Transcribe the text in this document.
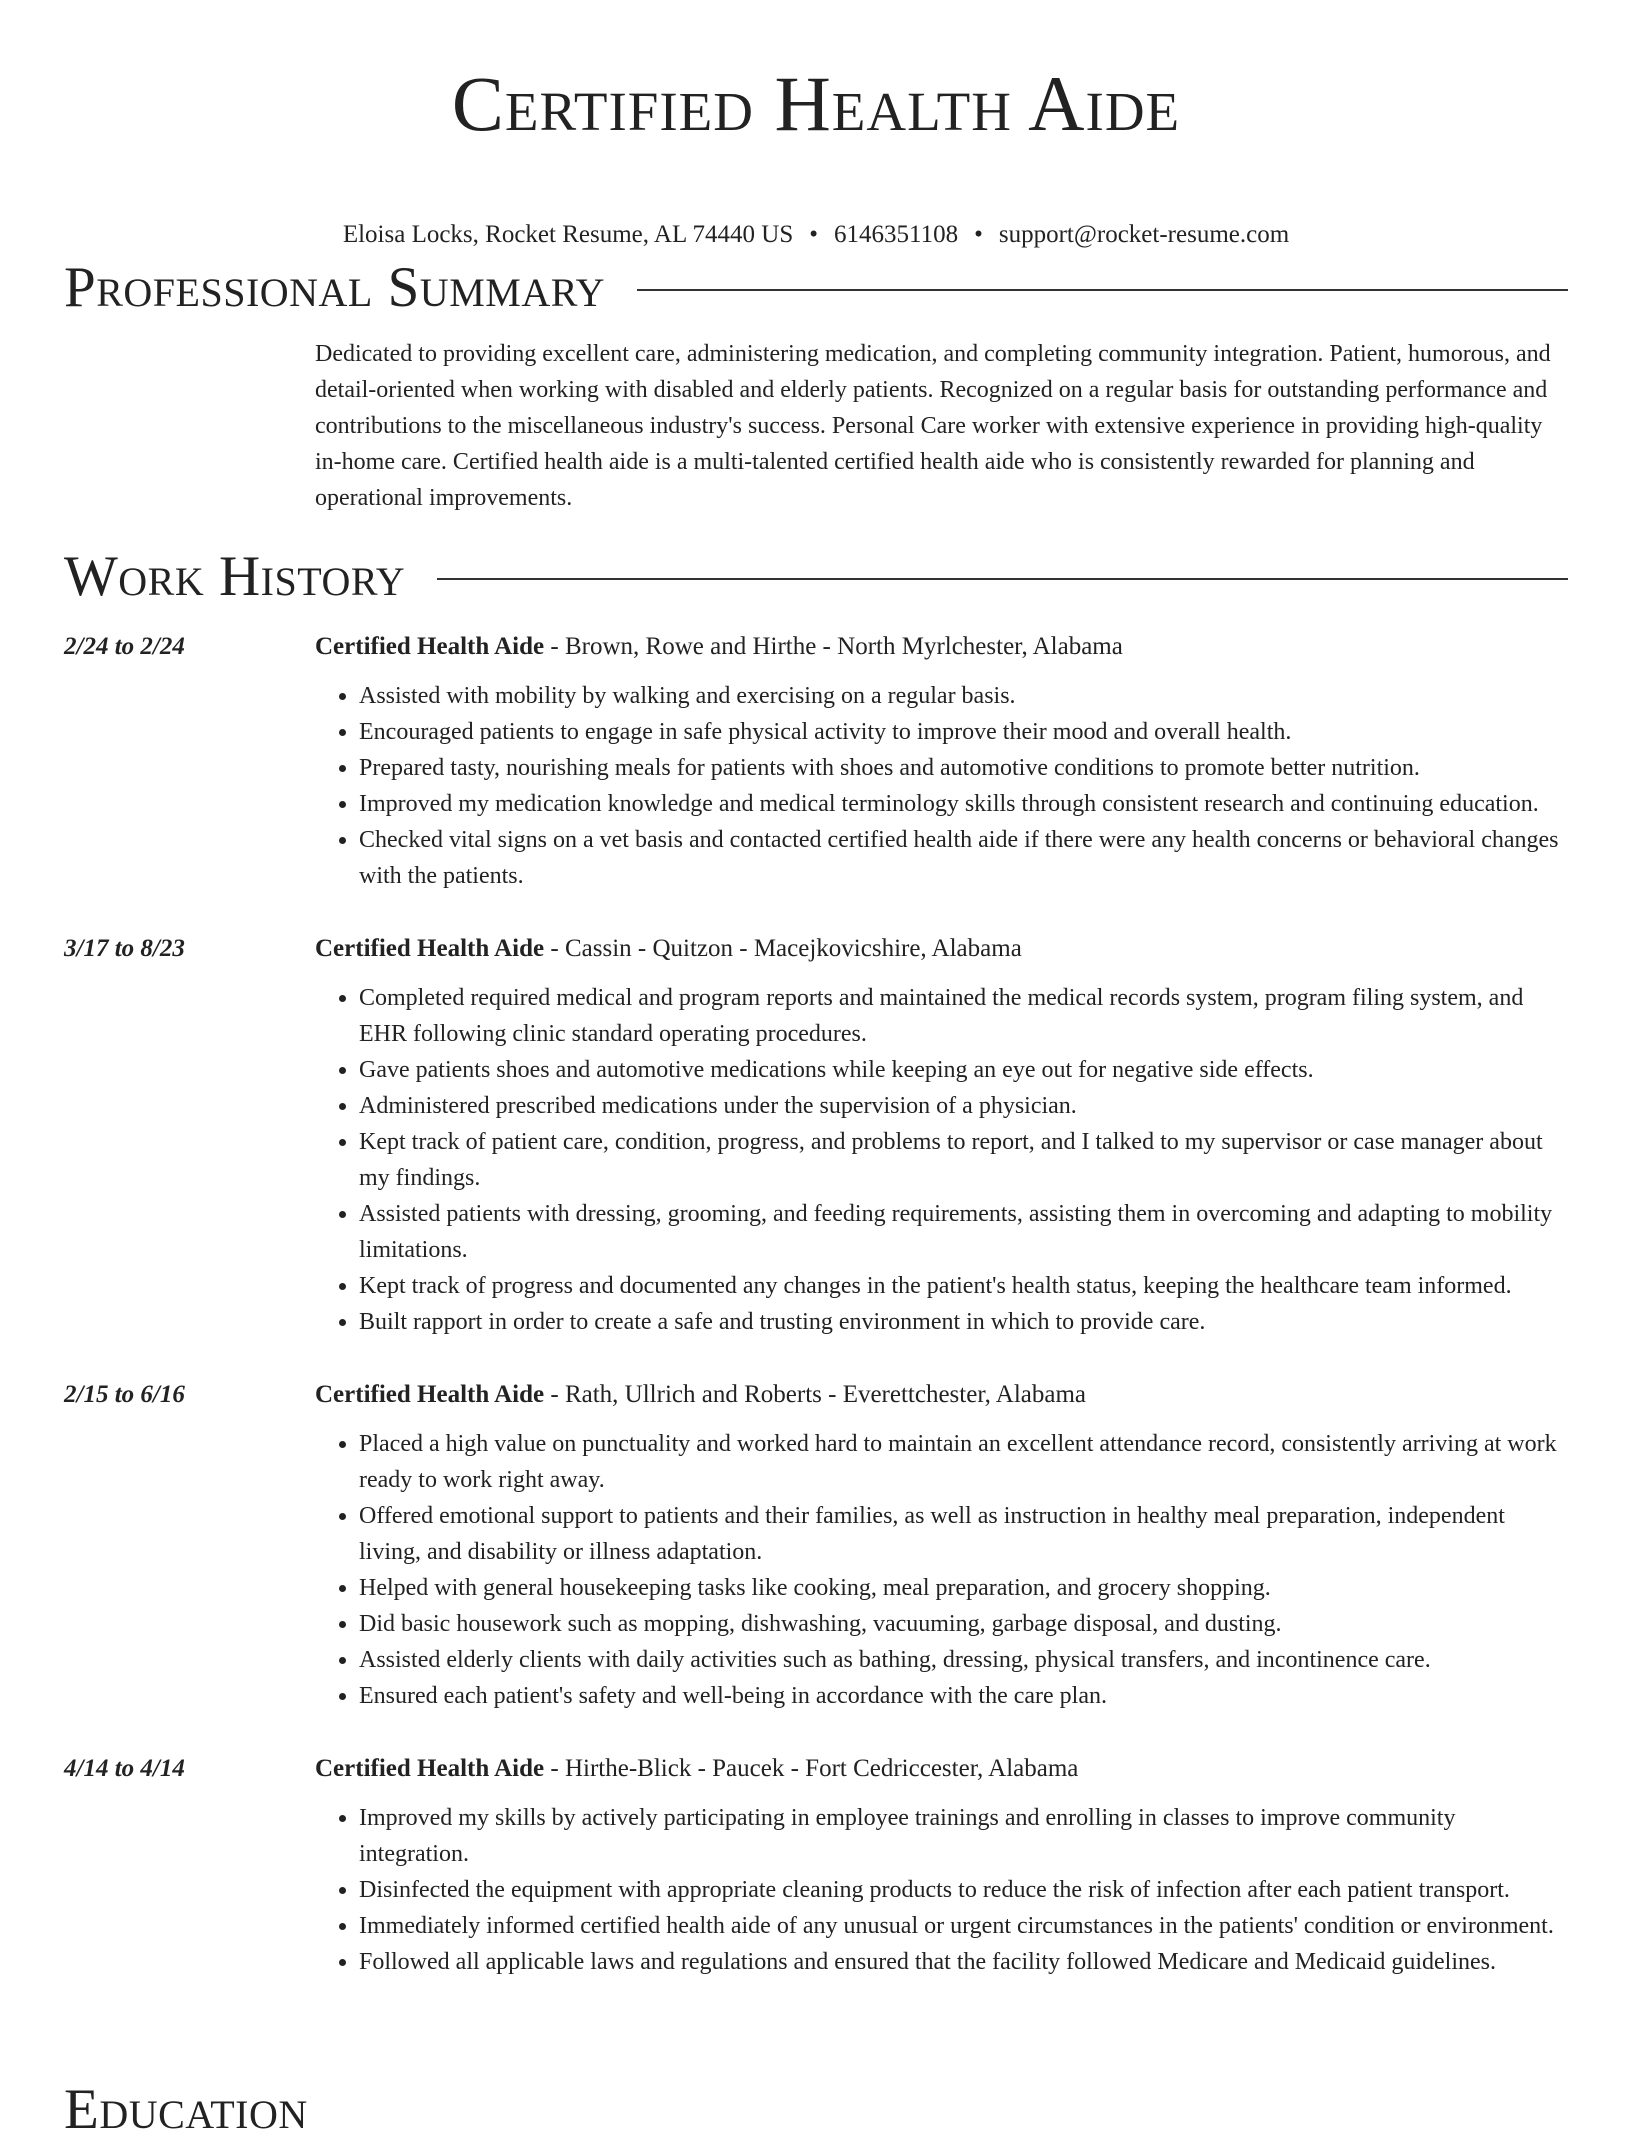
Certified Health Aide
Eloisa Locks, Rocket Resume, AL 74440 US • 6146351108 • support@rocket-resume.com
Professional Summary
Dedicated to providing excellent care, administering medication, and completing community integration. Patient, humorous, and detail-oriented when working with disabled and elderly patients. Recognized on a regular basis for outstanding performance and contributions to the miscellaneous industry's success. Personal Care worker with extensive experience in providing high-quality in-home care. Certified health aide is a multi-talented certified health aide who is consistently rewarded for planning and operational improvements.
Work History
2/24 to 2/24	Certified Health Aide - Brown, Rowe and Hirthe - North Myrlchester, Alabama
• Assisted with mobility by walking and exercising on a regular basis.
• Encouraged patients to engage in safe physical activity to improve their mood and overall health.
• Prepared tasty, nourishing meals for patients with shoes and automotive conditions to promote better nutrition.
• Improved my medication knowledge and medical terminology skills through consistent research and continuing education.
• Checked vital signs on a vet basis and contacted certified health aide if there were any health concerns or behavioral changes with the patients.
3/17 to 8/23	Certified Health Aide - Cassin - Quitzon - Macejkovicshire, Alabama
• Completed required medical and program reports and maintained the medical records system, program filing system, and EHR following clinic standard operating procedures.
• Gave patients shoes and automotive medications while keeping an eye out for negative side effects.
• Administered prescribed medications under the supervision of a physician.
• Kept track of patient care, condition, progress, and problems to report, and I talked to my supervisor or case manager about my findings.
• Assisted patients with dressing, grooming, and feeding requirements, assisting them in overcoming and adapting to mobility limitations.
• Kept track of progress and documented any changes in the patient's health status, keeping the healthcare team informed.
• Built rapport in order to create a safe and trusting environment in which to provide care.
2/15 to 6/16	Certified Health Aide - Rath, Ullrich and Roberts - Everettchester, Alabama
• Placed a high value on punctuality and worked hard to maintain an excellent attendance record, consistently arriving at work ready to work right away.
• Offered emotional support to patients and their families, as well as instruction in healthy meal preparation, independent living, and disability or illness adaptation.
• Helped with general housekeeping tasks like cooking, meal preparation, and grocery shopping.
• Did basic housework such as mopping, dishwashing, vacuuming, garbage disposal, and dusting.
• Assisted elderly clients with daily activities such as bathing, dressing, physical transfers, and incontinence care.
• Ensured each patient's safety and well-being in accordance with the care plan.
4/14 to 4/14	Certified Health Aide - Hirthe-Blick - Paucek - Fort Cedriccester, Alabama
• Improved my skills by actively participating in employee trainings and enrolling in classes to improve community integration.
• Disinfected the equipment with appropriate cleaning products to reduce the risk of infection after each patient transport.
• Immediately informed certified health aide of any unusual or urgent circumstances in the patients' condition or environment.
• Followed all applicable laws and regulations and ensured that the facility followed Medicare and Medicaid guidelines.
Education
